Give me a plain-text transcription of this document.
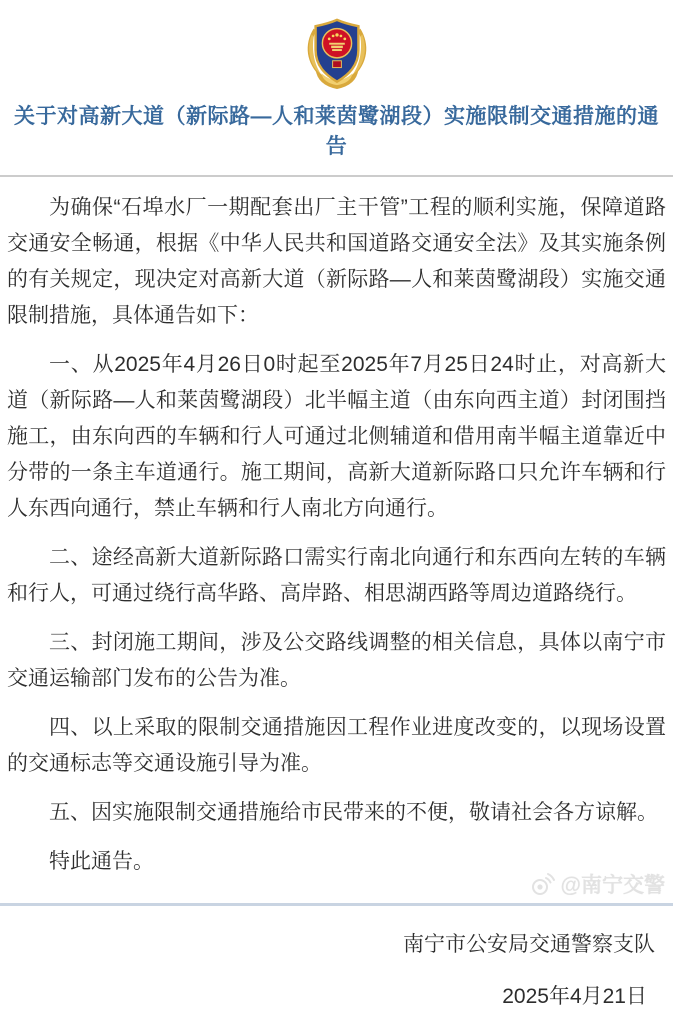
关于对高新大道（新际路—人和莱茵鹭湖段）实施限制交通措施的通告

为确保“石埠水厂一期配套出厂主干管”工程的顺利实施，保障道路交通安全畅通，根据《中华人民共和国道路交通安全法》及其实施条例的有关规定，现决定对高新大道（新际路—人和莱茵鹭湖段）实施交通限制措施，具体通告如下：

一、从2025年4月26日0时起至2025年7月25日24时止，对高新大道（新际路—人和莱茵鹭湖段）北半幅主道（由东向西主道）封闭围挡施工，由东向西的车辆和行人可通过北侧辅道和借用南半幅主道靠近中分带的一条主车道通行。施工期间，高新大道新际路口只允许车辆和行人东西向通行，禁止车辆和行人南北方向通行。

二、途经高新大道新际路口需实行南北向通行和东西向左转的车辆和行人，可通过绕行高华路、高岸路、相思湖西路等周边道路绕行。

三、封闭施工期间，涉及公交路线调整的相关信息，具体以南宁市交通运输部门发布的公告为准。

四、以上采取的限制交通措施因工程作业进度改变的，以现场设置的交通标志等交通设施引导为准。

五、因实施限制交通措施给市民带来的不便，敬请社会各方谅解。

特此通告。

南宁市公安局交通警察支队
2025年4月21日
@南宁交警
